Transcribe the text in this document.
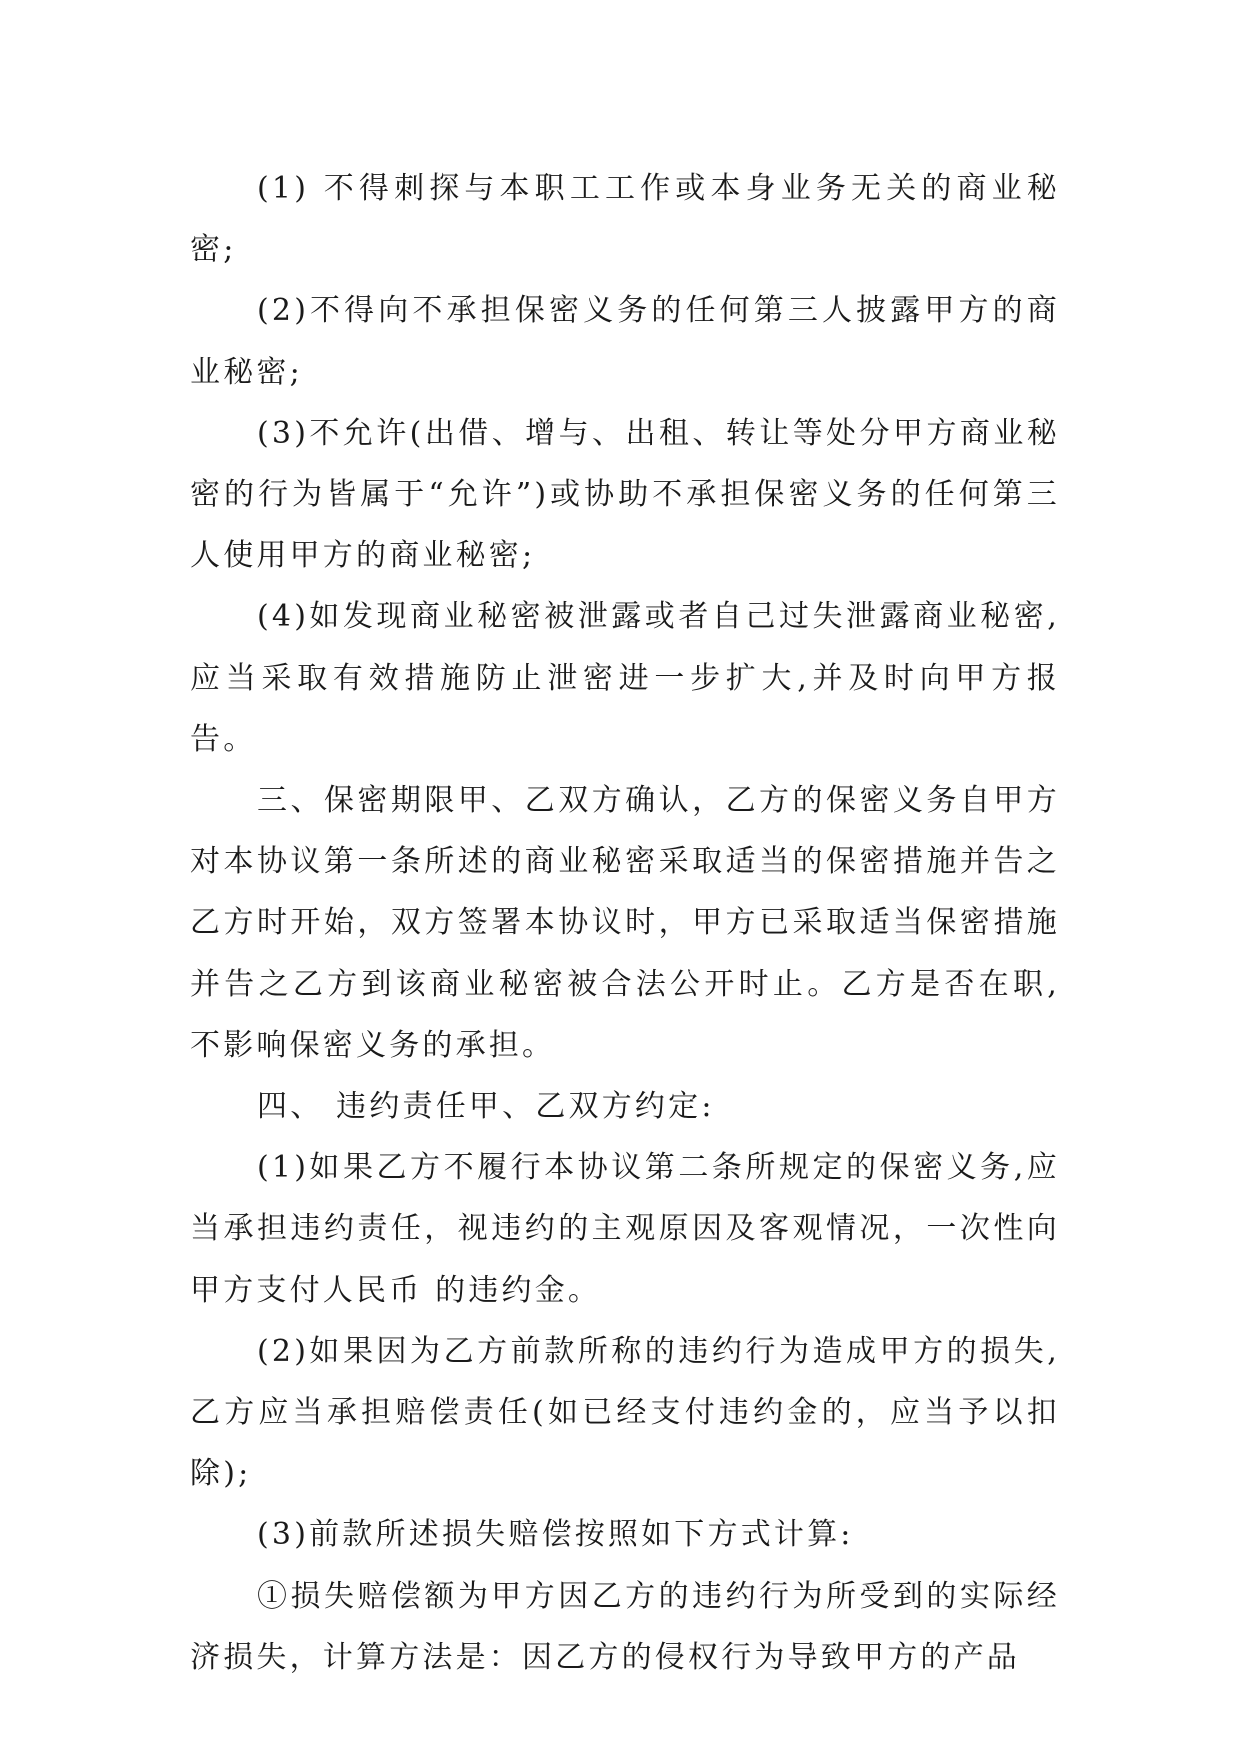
(1) 不得刺探与本职工工作或本身业务无关的商业秘密;

(2)不得向不承担保密义务的任何第三人披露甲方的商业秘密;

(3)不允许(出借、增与、出租、转让等处分甲方商业秘密的行为皆属于“允许”)或协助不承担保密义务的任何第三人使用甲方的商业秘密;

(4)如发现商业秘密被泄露或者自己过失泄露商业秘密,应当采取有效措施防止泄密进一步扩大,并及时向甲方报告。

三、保密期限甲、乙双方确认，乙方的保密义务自甲方对本协议第一条所述的商业秘密采取适当的保密措施并告之乙方时开始，双方签署本协议时，甲方已采取适当保密措施并告之乙方到该商业秘密被合法公开时止。乙方是否在职,不影响保密义务的承担。

四、 违约责任甲、乙双方约定:

(1)如果乙方不履行本协议第二条所规定的保密义务,应当承担违约责任，视违约的主观原因及客观情况，一次性向甲方支付人民币 的违约金。

(2)如果因为乙方前款所称的违约行为造成甲方的损失,乙方应当承担赔偿责任(如已经支付违约金的，应当予以扣除);

(3)前款所述损失赔偿按照如下方式计算:

①损失赔偿额为甲方因乙方的违约行为所受到的实际经济损失，计算方法是：因乙方的侵权行为导致甲方的产品
